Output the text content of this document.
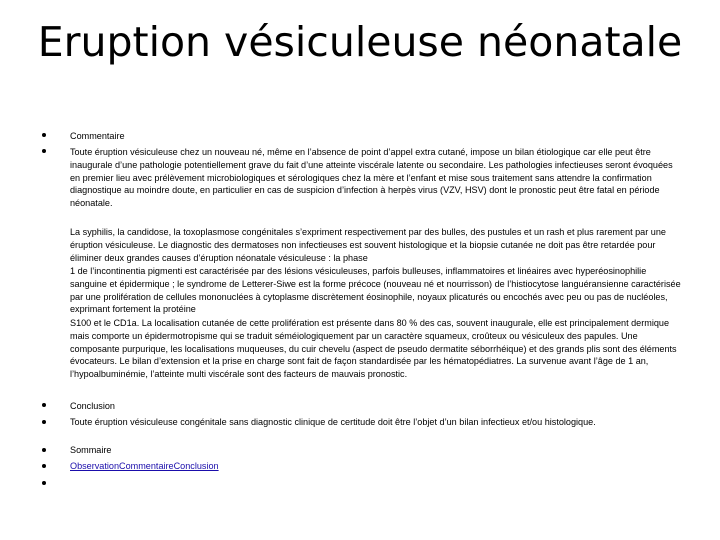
Eruption vésiculeuse néonatale

Commentaire

Toute éruption vésiculeuse chez un nouveau né, même en l’absence de point d’appel extra cutané, impose un bilan étiologique car elle peut être inaugurale d’une pathologie potentiellement grave du fait d’une atteinte viscérale latente ou secondaire. Les pathologies infectieuses seront évoquées en premier lieu avec prélèvement microbiologiques et sérologiques chez la mère et l’enfant et mise sous traitement sans attendre la confirmation diagnostique au moindre doute, en particulier en cas de suspicion d’infection à herpès virus (VZV, HSV) dont le pronostic peut être fatal en période néonatale.

La syphilis, la candidose, la toxoplasmose congénitales s’expriment respectivement par des bulles, des pustules et un rash et plus rarement par une éruption vésiculeuse. Le diagnostic des dermatoses non infectieuses est souvent histologique et la biopsie cutanée ne doit pas être retardée pour éliminer deux grandes causes d’éruption néonatale vésiculeuse : la phase

1 de l’incontinentia pigmenti est caractérisée par des lésions vésiculeuses, parfois bulleuses, inflammatoires et linéaires avec hyperéosinophilie sanguine et épidermique ; le syndrome de Letterer-Siwe est la forme précoce (nouveau né et nourrisson) de l’histiocytose languéransienne caractérisée par une prolifération de cellules mononuclées à cytoplasme discrètement éosinophile, noyaux plicaturés ou encochés avec peu ou pas de nucléoles, exprimant fortement la protéine

S100 et le CD1a. La localisation cutanée de cette prolifération est présente dans 80 % des cas, souvent inaugurale, elle est principalement dermique mais comporte un épidermotropisme qui se traduit séméiologiquement par un caractère squameux, croûteux ou vésiculeux des papules. Une composante purpurique, les localisations muqueuses, du cuir chevelu (aspect de pseudo dermatite séborrhéique) et des grands plis sont des éléments évocateurs. Le bilan d’extension et la prise en charge sont fait de façon standardisée par les hématopédiatres. La survenue avant l’âge de 1 an, l’hypoalbuminémie, l’atteinte multi viscérale sont des facteurs de mauvais pronostic.

Conclusion

Toute éruption vésiculeuse congénitale sans diagnostic clinique de certitude doit être l’objet d’un bilan infectieux et/ou histologique.

Sommaire

ObservationCommentaireConclusion
